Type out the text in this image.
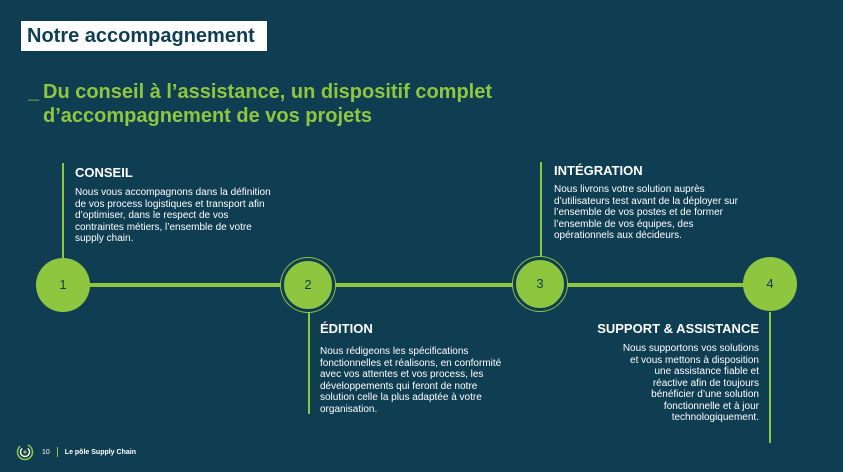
Notre accompagnement
_ Du conseil à l’assistance, un dispositif complet d’accompagnement de vos projets
1	2	3	4
CONSEIL
Nous vous accompagnons dans la définition de vos process logistiques et transport afin d’optimiser, dans le respect de vos contraintes métiers, l’ensemble de votre supply chain.
ÉDITION
Nous rédigeons les spécifications fonctionnelles et réalisons, en conformité avec vos attentes et vos process, les développements qui feront de notre solution celle la plus adaptée à votre organisation.
INTÉGRATION
Nous livrons votre solution auprès d’utilisateurs test avant de la déployer sur l’ensemble de vos postes et de former l’ensemble de vos équipes, des opérationnels aux décideurs.
SUPPORT & ASSISTANCE
Nous supportons vos solutions et vous mettons à disposition une assistance fiable et réactive afin de toujours bénéficier d’une solution fonctionnelle et à jour technologiquement.
10 Le pôle Supply Chain
